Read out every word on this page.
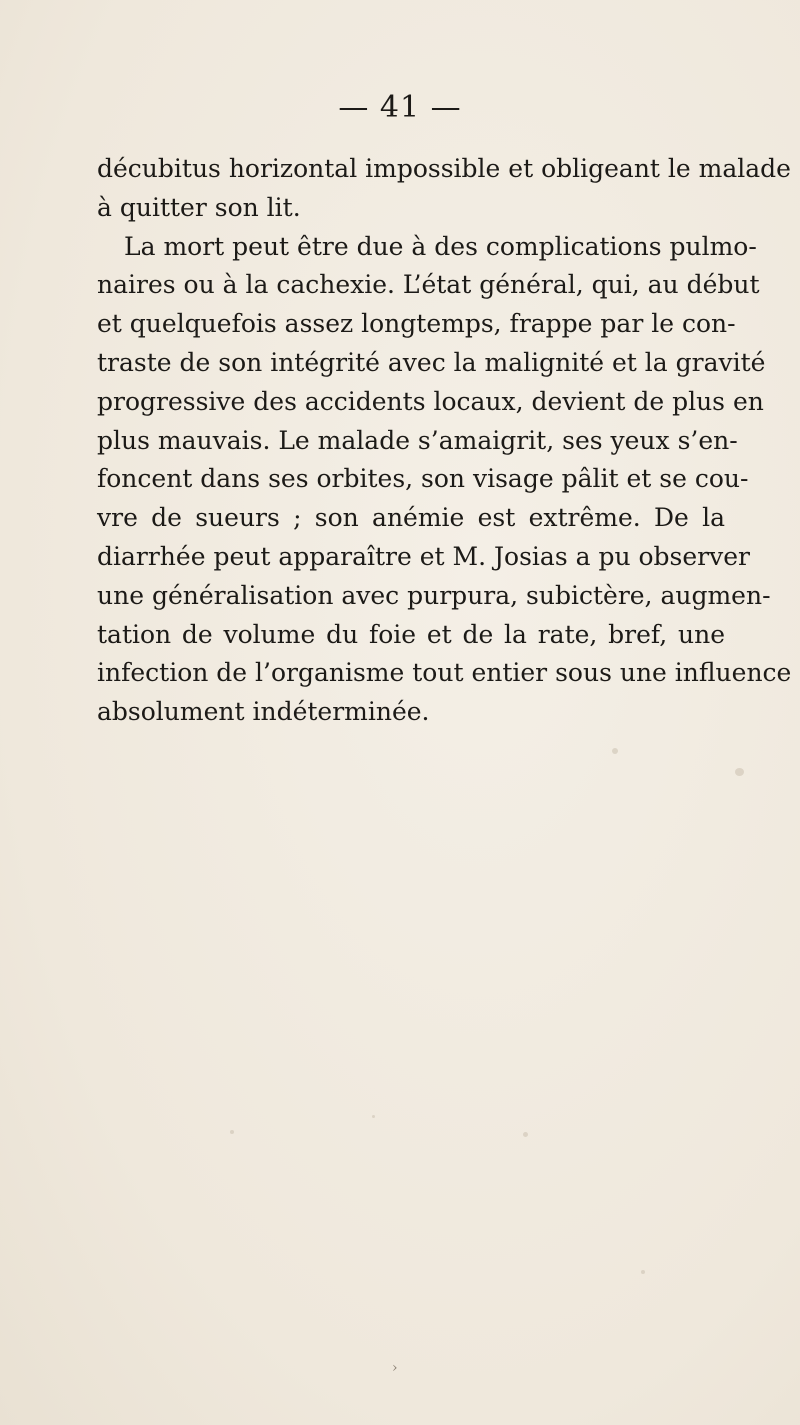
— 41 —
décubitus horizontal impossible et obligeant le malade
à quitter son lit.
La mort peut être due à des complications pulmo-
naires ou à la cachexie. L’état général, qui, au début
et quelquefois assez longtemps, frappe par le con-
traste de son intégrité avec la malignité et la gravité
progressive des accidents locaux, devient de plus en
plus mauvais. Le malade s’amaigrit, ses yeux s’en-
foncent dans ses orbites, son visage pâlit et se cou-
vre de sueurs ; son anémie est extrême. De la
diarrhée peut apparaître et M. Josias a pu observer
une généralisation avec purpura, subictère, augmen-
tation de volume du foie et de la rate, bref, une
infection de l’organisme tout entier sous une influence
absolument indéterminée.
›
